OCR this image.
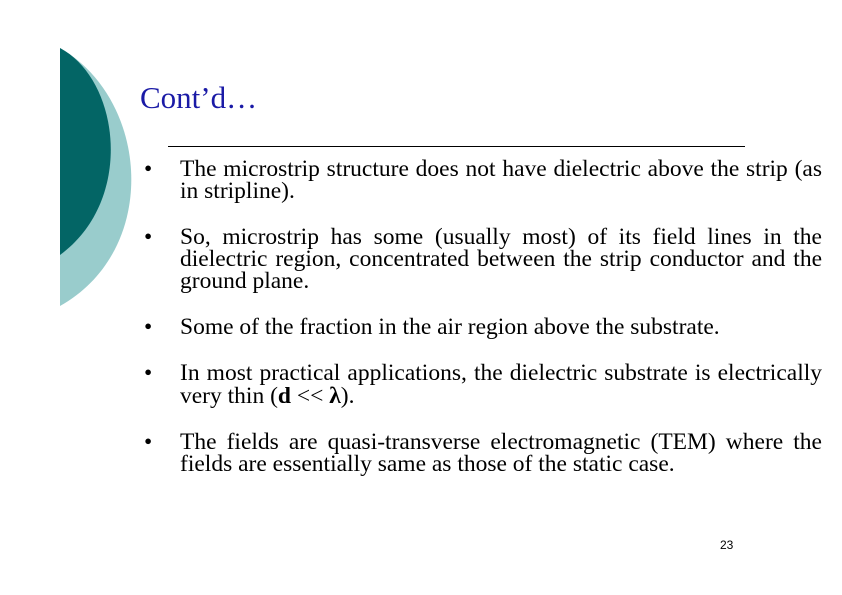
Cont’d…
• The microstrip structure does not have dielectric above the strip (as in stripline).
• So, microstrip has some (usually most) of its field lines in the dielectric region, concentrated between the strip conductor and the ground plane.
• Some of the fraction in the air region above the substrate.
• In most practical applications, the dielectric substrate is electrically very thin (d << λ).
• The fields are quasi-transverse electromagnetic (TEM) where the fields are essentially same as those of the static case.
23
